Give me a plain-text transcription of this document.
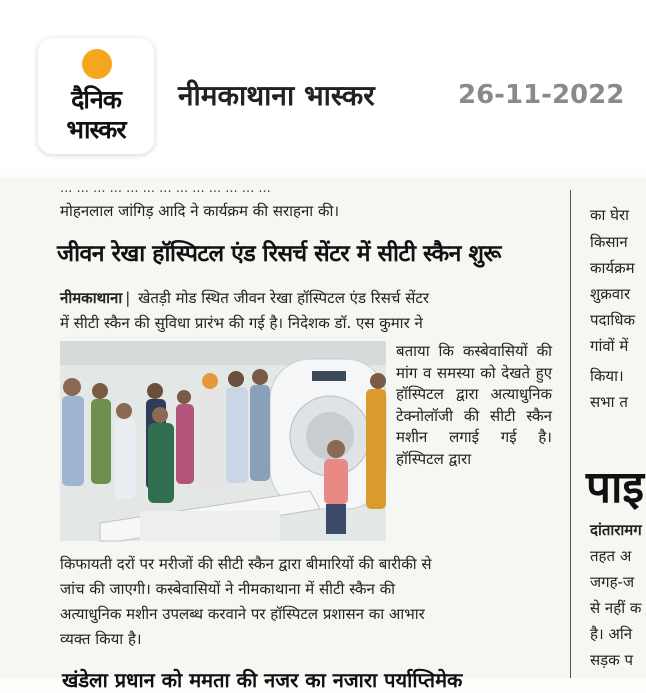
दैनिक
भास्कर
नीमकाथाना भास्कर	26-11-2022
... ... ... ... ... ... ... ... ... ... ... ... ...
मोहनलाल जांगिड़ आदि ने कार्यक्रम की सराहना की।
जीवन रेखा हॉस्पिटल एंड रिसर्च सेंटर में सीटी स्कैन शुरू
नीमकाथाना | खेतड़ी मोड स्थित जीवन रेखा हॉस्पिटल एंड रिसर्च सेंटर
में सीटी स्कैन की सुविधा प्रारंभ की गई है। निदेशक डॉ. एस कुमार ने
बताया कि कस्बेवासियों की मांग व समस्या को देखते हुए हॉस्पिटल द्वारा अत्याधुनिक टेक्नोलॉजी की सीटी स्कैन मशीन लगाई गई है। हॉस्पिटल द्वारा
किफायती दरों पर मरीजों की सीटी स्कैन द्वारा बीमारियों की बारीकी से
जांच की जाएगी। कस्बेवासियों ने नीमकाथाना में सीटी स्कैन की
अत्याधुनिक मशीन उपलब्ध करवाने पर हॉस्पिटल प्रशासन का आभार
व्यक्त किया है।
खंडेला प्रधान को ममता की नजर का नजारा पर्याप्तिमेक
का घेरा
किसान
कार्यक्रम
शुक्रवार
पदाधिक
गांवों में
किया।
सभा त
पाइ
दांतारामग
तहत अ
जगह-ज
से नहीं क
है। अनि
सड़क प
